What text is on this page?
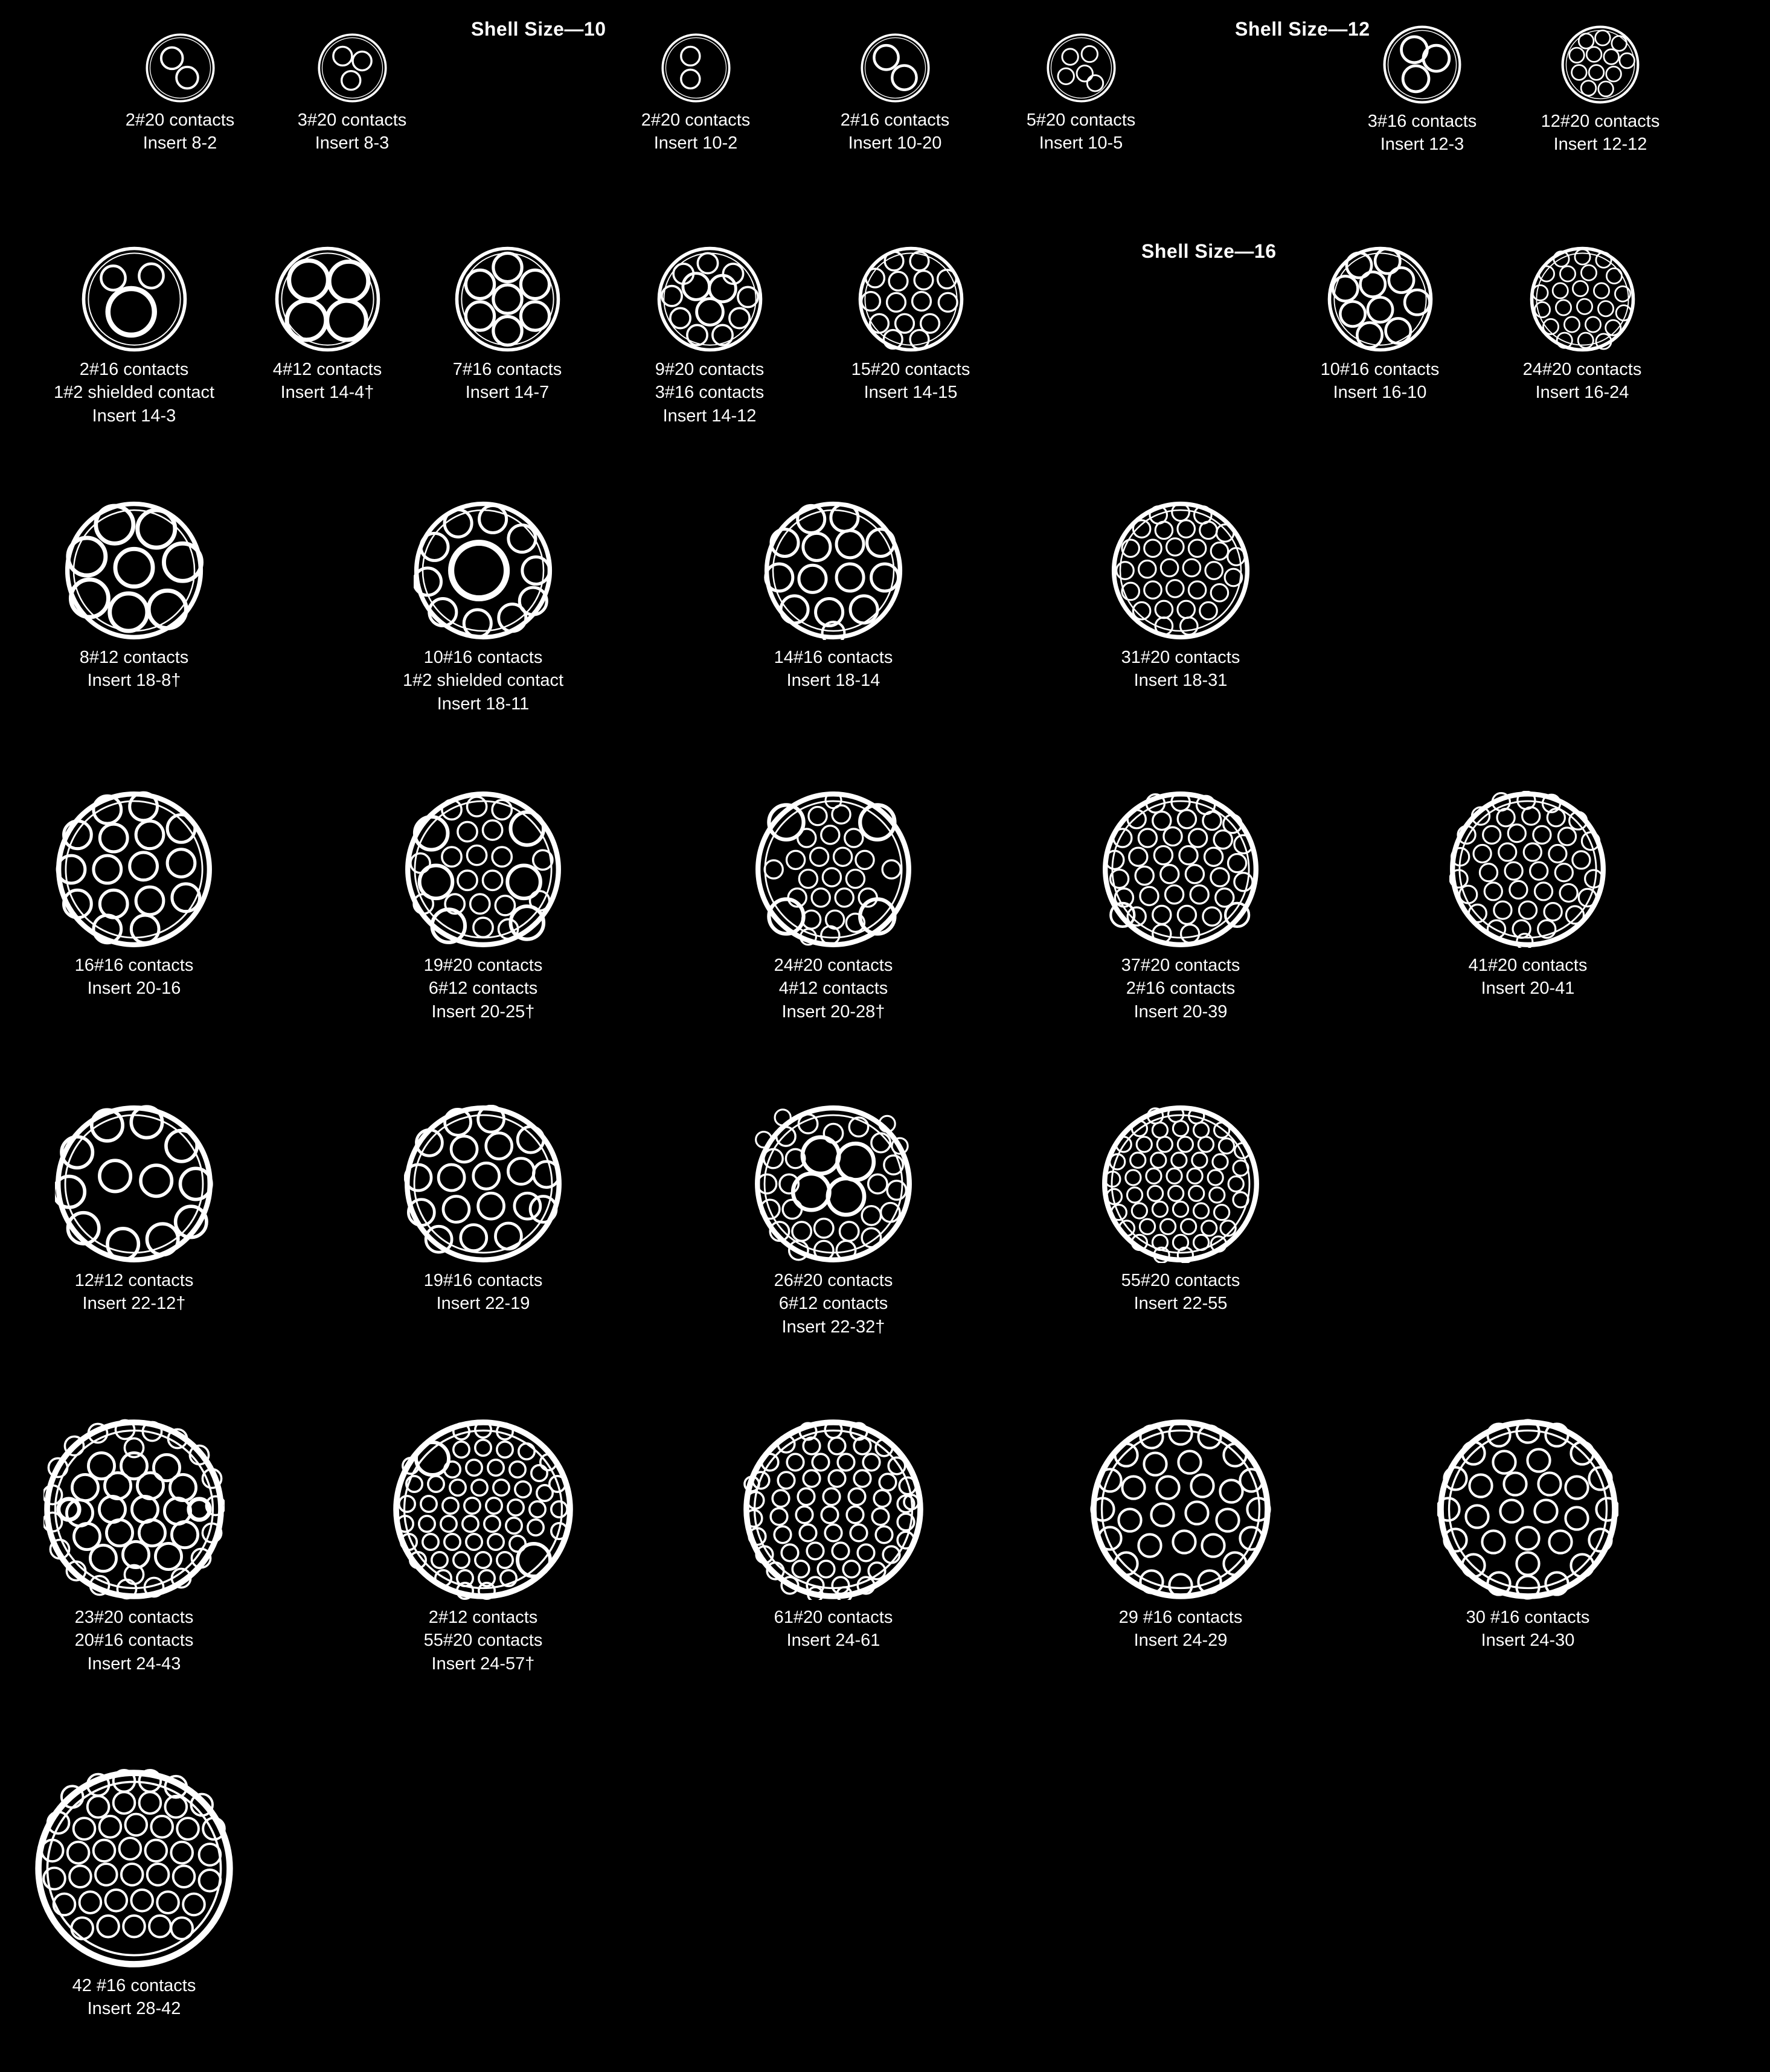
Shell Size—10	Shell Size—12
Shell Size—16
2#20 contacts
Insert 8-2
3#20 contacts
Insert 8-3
2#20 contacts
Insert 10-2
2#16 contacts
Insert 10-20
5#20 contacts
Insert 10-5
3#16 contacts
Insert 12-3
12#20 contacts
Insert 12-12
2#16 contacts
1#2 shielded contact
Insert 14-3
4#12 contacts
Insert 14-4†
7#16 contacts
Insert 14-7
9#20 contacts
3#16 contacts
Insert 14-12
15#20 contacts
Insert 14-15
10#16 contacts
Insert 16-10
24#20 contacts
Insert 16-24
8#12 contacts
Insert 18-8†
10#16 contacts
1#2 shielded contact
Insert 18-11
14#16 contacts
Insert 18-14
31#20 contacts
Insert 18-31
16#16 contacts
Insert 20-16
19#20 contacts
6#12 contacts
Insert 20-25†
24#20 contacts
4#12 contacts
Insert 20-28†
37#20 contacts
2#16 contacts
Insert 20-39
41#20 contacts
Insert 20-41
12#12 contacts
Insert 22-12†
19#16 contacts
Insert 22-19
26#20 contacts
6#12 contacts
Insert 22-32†
55#20 contacts
Insert 22-55
23#20 contacts
20#16 contacts
Insert 24-43
2#12 contacts
55#20 contacts
Insert 24-57†
61#20 contacts
Insert 24-61
29 #16 contacts
Insert 24-29
30 #16 contacts
Insert 24-30
42 #16 contacts
Insert 28-42
